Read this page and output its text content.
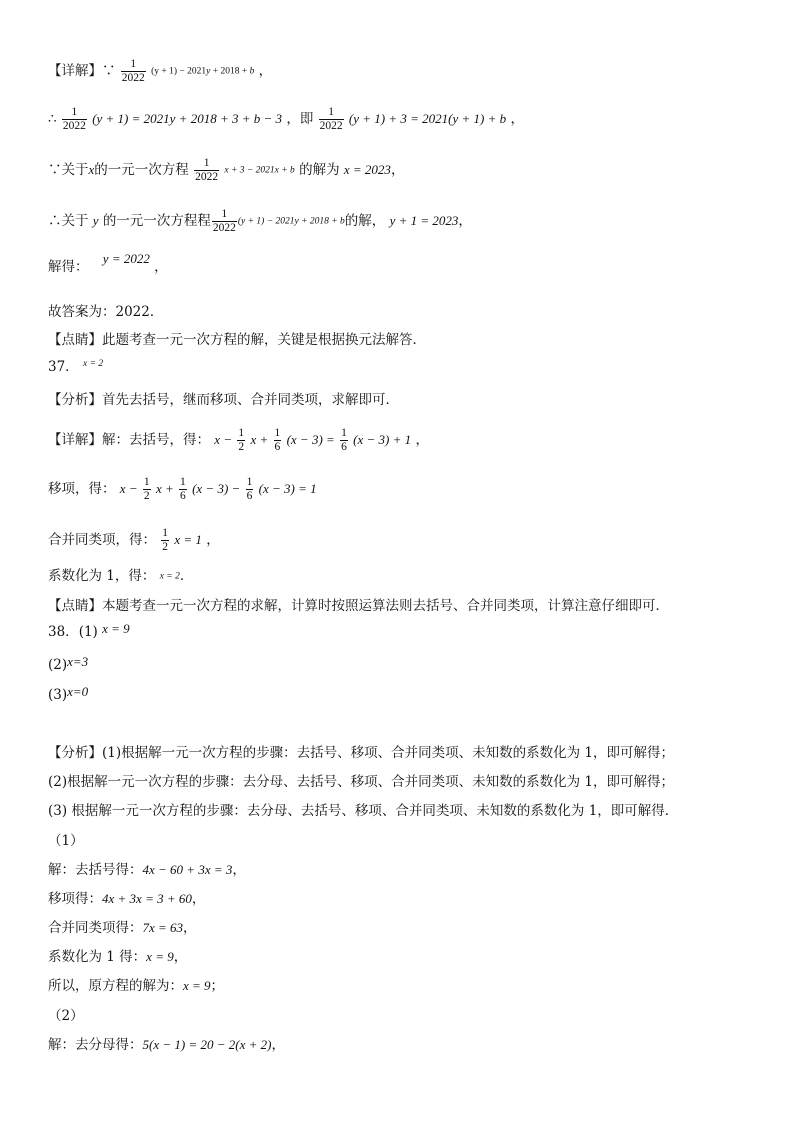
【详解】∵ $\frac{1}{2022} (y + 1) - 2021y + 2018 + b$ ，
∴ $\frac{1}{2022} (y + 1) = 2021y + 2018 + 3 + b - 3$ ，即 $\frac{1}{2022} (y + 1) + 3 = 2021(y + 1) + b$ ，
∵关于x的一元一次方程 $\frac{1}{2022}$ x + 3 − 2021x + b 的解为 x = 2023，
∴关于 y 的一元一次方程程 $\frac{1}{2022} (y + 1) - 2021y + 2018 + b$的解， y + 1 = 2023，
解得： y = 2022 ，
故答案为：2022．
【点睛】此题考查一元一次方程的解，关键是根据换元法解答．
37． $^{x = 2}$
【分析】首先去括号，继而移项、合并同类项，求解即可．
【详解】解：去括号，得： $x - \frac{1}{2}$ $x + \frac{1}{6} (x - 3) = \frac{1}{6} (x - 3) + 1$ ，
移项，得： $x - \frac{1}{2}$ $x + \frac{1}{6} (x - 3) - \frac{1}{6} (x - 3) = 1$
合并同类项，得： $\frac{1}{2}$ x = 1 ，
系数化为 1，得： x = 2．
【点睛】本题考查一元一次方程的求解，计算时按照运算法则去括号、合并同类项，计算注意仔细即可．
38．(1) x = 9
(2)x=3
(3)x=0
【分析】(1)根据解一元一次方程的步骤：去括号、移项、合并同类项、未知数的系数化为 1，即可解得；
(2)根据解一元一次方程的步骤：去分母、去括号、移项、合并同类项、未知数的系数化为 1，即可解得；
(3) 根据解一元一次方程的步骤：去分母、去括号、移项、合并同类项、未知数的系数化为 1，即可解得．
（1）
解：去括号得：4x − 60 + 3x = 3，
移项得：4x + 3x = 3 + 60，
合并同类项得：7x = 63，
系数化为 1 得：x = 9，
所以，原方程的解为：x = 9；
（2）
解：去分母得：5(x − 1) = 20 − 2(x + 2)，
